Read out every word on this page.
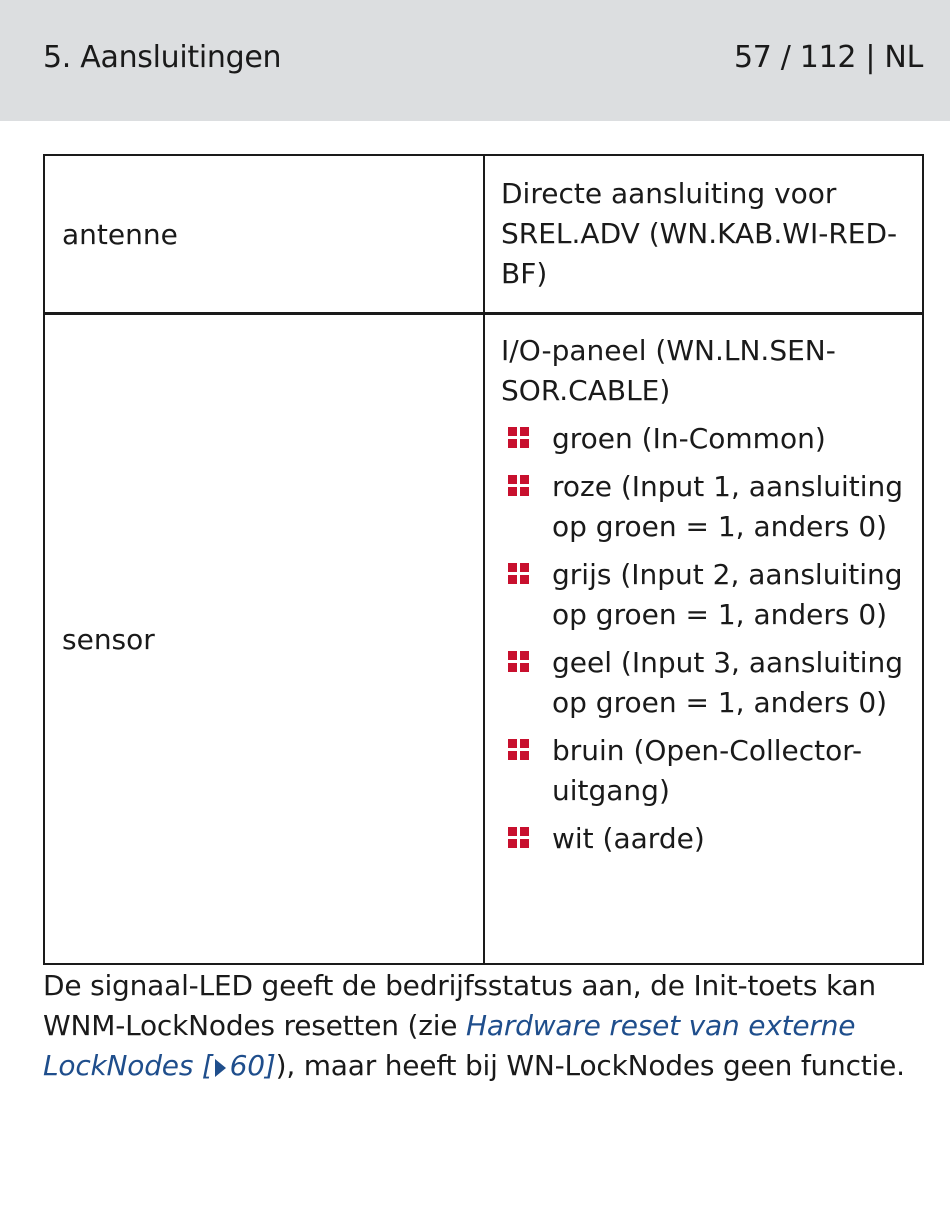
5. Aansluitingen	57 / 112 | NL
antenne
Directe aansluiting voor SREL.ADV (WN.KAB.WI-RED-BF)
sensor
I/O-paneel (WN.LN.SEN-SOR.CABLE)
groen (In-Common)
roze (Input 1, aansluiting op groen = 1, anders 0)
grijs (Input 2, aansluiting op groen = 1, anders 0)
geel (Input 3, aansluiting op groen = 1, anders 0)
bruin (Open-Collector-uitgang)
wit (aarde)
De signaal-LED geeft de bedrijfsstatus aan, de Init-toets kan WNM-LockNodes resetten (zie Hardware reset van externe LockNodes [ 60]), maar heeft bij WN-LockNodes geen functie.
